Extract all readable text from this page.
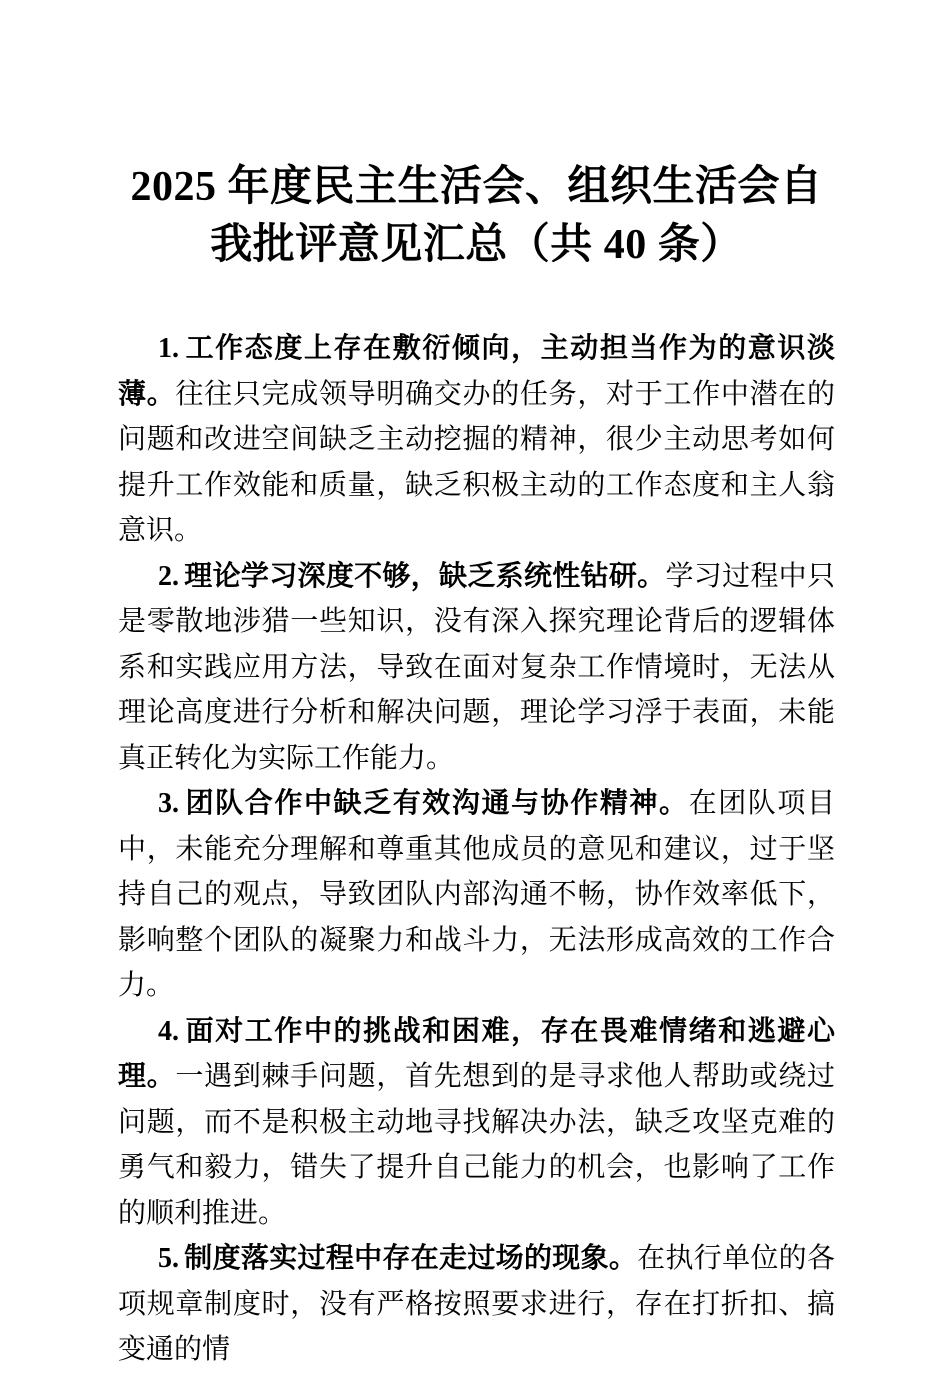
2025 年度民主生活会、组织生活会自
我批评意见汇总（共 40 条）

1. 工作态度上存在敷衍倾向，主动担当作为的意识淡薄。往往只完成领导明确交办的任务，对于工作中潜在的问题和改进空间缺乏主动挖掘的精神，很少主动思考如何提升工作效能和质量，缺乏积极主动的工作态度和主人翁意识。

2. 理论学习深度不够，缺乏系统性钻研。学习过程中只是零散地涉猎一些知识，没有深入探究理论背后的逻辑体系和实践应用方法，导致在面对复杂工作情境时，无法从理论高度进行分析和解决问题，理论学习浮于表面，未能真正转化为实际工作能力。

3. 团队合作中缺乏有效沟通与协作精神。在团队项目中，未能充分理解和尊重其他成员的意见和建议，过于坚持自己的观点，导致团队内部沟通不畅，协作效率低下，影响整个团队的凝聚力和战斗力，无法形成高效的工作合力。

4. 面对工作中的挑战和困难，存在畏难情绪和逃避心理。一遇到棘手问题，首先想到的是寻求他人帮助或绕过问题，而不是积极主动地寻找解决办法，缺乏攻坚克难的勇气和毅力，错失了提升自己能力的机会，也影响了工作的顺利推进。

5. 制度落实过程中存在走过场的现象。在执行单位的各项规章制度时，没有严格按照要求进行，存在打折扣、搞变通的情
